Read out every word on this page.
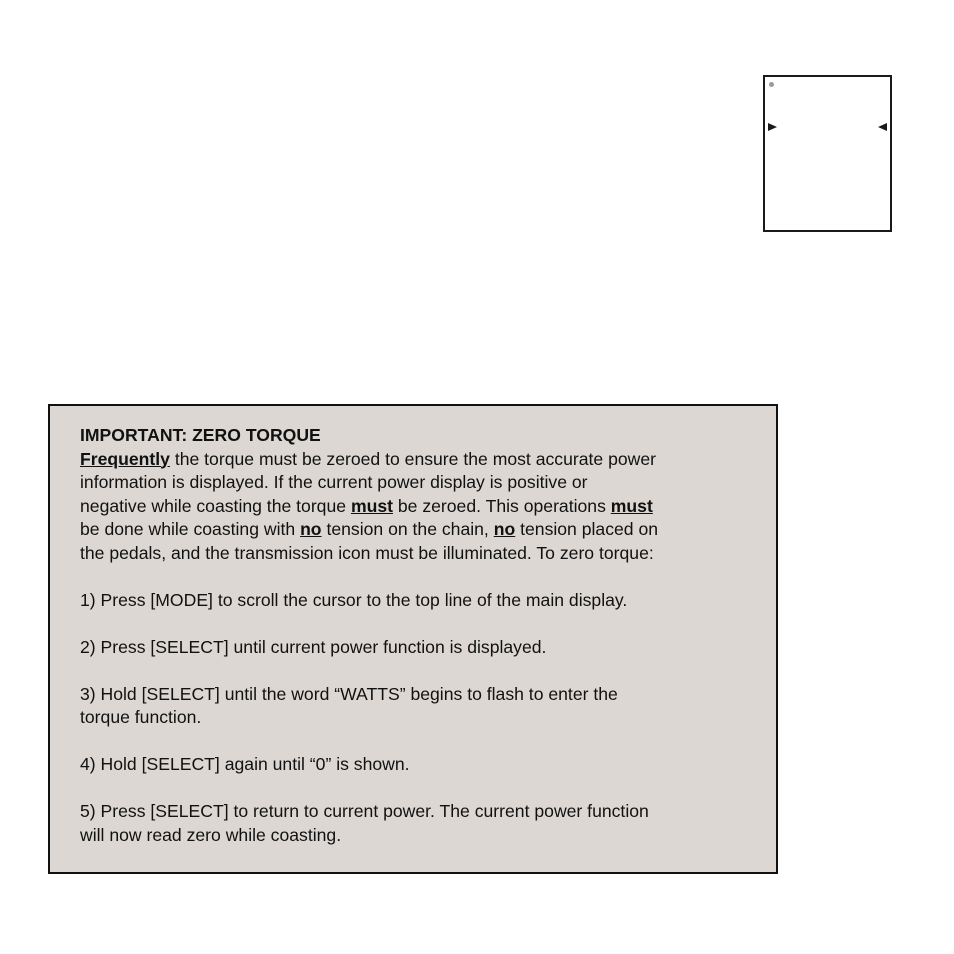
IMPORTANT: ZERO TORQUE

Frequently the torque must be zeroed to ensure the most accurate power

information is displayed. If the current power display is positive or

negative while coasting the torque must be zeroed. This operations must

be done while coasting with no tension on the chain, no tension placed on

the pedals, and the transmission icon must be illuminated. To zero torque:

1) Press [MODE] to scroll the cursor to the top line of the main display.

2) Press [SELECT] until current power function is displayed.

3) Hold [SELECT] until the word “WATTS” begins to flash to enter the

torque function.

4) Hold [SELECT] again until “0” is shown.

5) Press [SELECT] to return to current power. The current power function

will now read zero while coasting.
